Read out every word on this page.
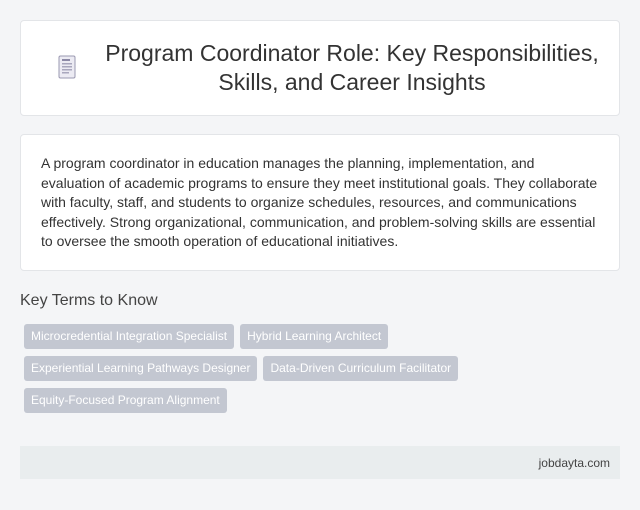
Program Coordinator Role: Key Responsibilities, Skills, and Career Insights

A program coordinator in education manages the planning, implementation, and evaluation of academic programs to ensure they meet institutional goals. They collaborate with faculty, staff, and students to organize schedules, resources, and communications effectively. Strong organizational, communication, and problem-solving skills are essential to oversee the smooth operation of educational initiatives.

Key Terms to Know
Microcredential Integration Specialist	Hybrid Learning Architect
Experiential Learning Pathways Designer	Data-Driven Curriculum Facilitator
Equity-Focused Program Alignment
jobdayta.com
